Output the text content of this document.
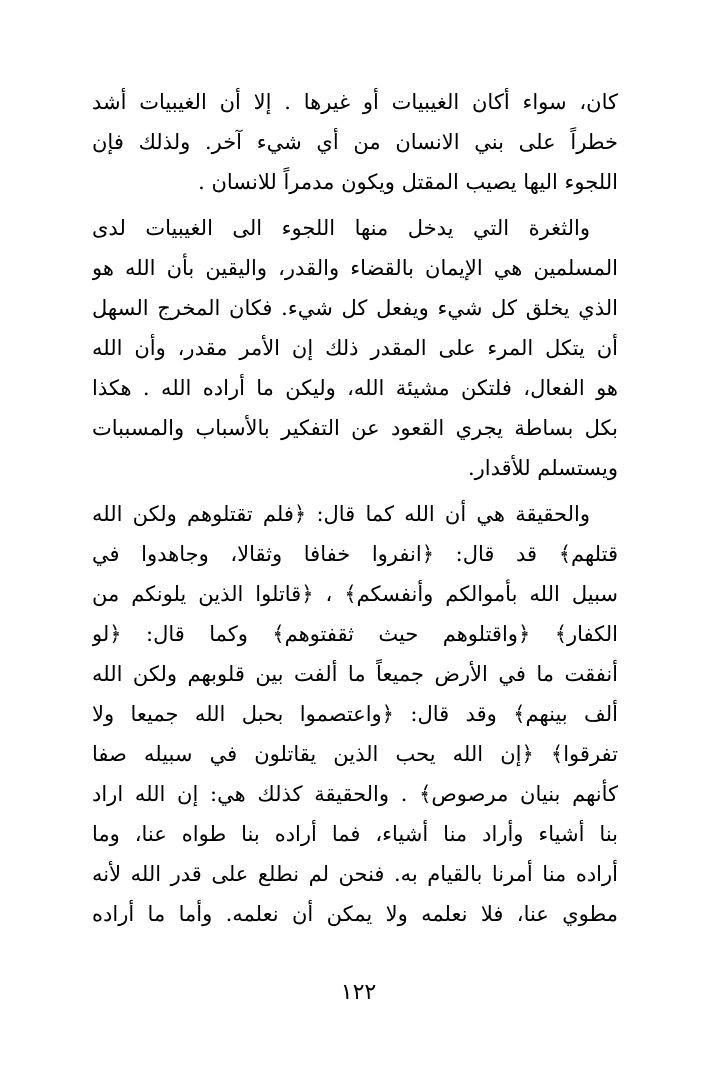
كان، سواء أكان الغيبيات أو غيرها . إلا أن الغيبيات أشد
خطراً على بني الانسان من أي شيء آخر. ولذلك فإن
اللجوء اليها يصيب المقتل ويكون مدمراً للانسان .
والثغرة التي يدخل منها اللجوء الى الغيبيات لدى
المسلمين هي الإيمان بالقضاء والقدر، واليقين بأن الله هو
الذي يخلق كل شيء ويفعل كل شيء. فكان المخرج السهل
أن يتكل المرء على المقدر ذلك إن الأمر مقدر، وأن الله
هو الفعال، فلتكن مشيئة الله، وليكن ما أراده الله . هكذا
بكل بساطة يجري القعود عن التفكير بالأسباب والمسببات
ويستسلم للأقدار.
والحقيقة هي أن الله كما قال: ﴿فلم تقتلوهم ولكن الله
قتلهم﴾ قد قال: ﴿انفروا خفافا وثقالا، وجاهدوا في
سبيل الله بأموالكم وأنفسكم﴾ ، ﴿قاتلوا الذين يلونكم من
الكفار﴾ ﴿واقتلوهم حيث ثقفتوهم﴾ وكما قال: ﴿لو
أنفقت ما في الأرض جميعاً ما ألفت بين قلوبهم ولكن الله
ألف بينهم﴾ وقد قال: ﴿واعتصموا بحبل الله جميعا ولا
تفرقوا﴾ ﴿إن الله يحب الذين يقاتلون في سبيله صفا
كأنهم بنيان مرصوص﴾ . والحقيقة كذلك هي: إن الله اراد
بنا أشياء وأراد منا أشياء، فما أراده بنا طواه عنا، وما
أراده منا أمرنا بالقيام به. فنحن لم نطلع على قدر الله لأنه
مطوي عنا، فلا نعلمه ولا يمكن أن نعلمه. وأما ما أراده
١٢٢
